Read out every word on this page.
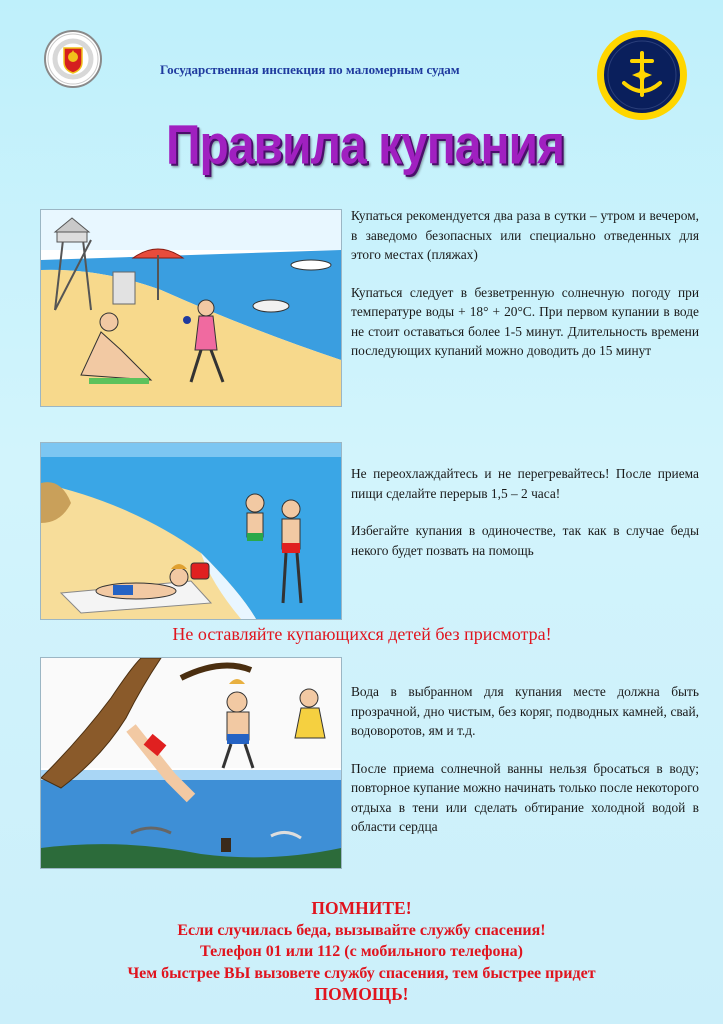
Государственная инспекция по маломерным судам
Правила купания

Купаться рекомендуется два раза в сутки – утром и вечером, в заведомо безопасных или специально отведенных для этого местах (пляжах)

Купаться следует в безветренную солнечную погоду при температуре воды + 18° + 20°С. При первом купании в воде не стоит оставаться более 1-5 минут. Длительность времени последующих купаний можно доводить до 15 минут

Не переохлаждайтесь и не перегревайтесь! После приема пищи сделайте перерыв 1,5 – 2 часа!

Избегайте купания в одиночестве, так как в случае беды некого будет позвать на помощь

Не оставляйте купающихся детей без присмотра!

Вода в выбранном для купания месте должна быть прозрачной, дно чистым, без коряг, подводных камней, свай, водоворотов, ям и т.д.

После приема солнечной ванны нельзя бросаться в воду; повторное купание можно начинать только после некоторого отдыха в тени или сделать обтирание холодной водой в области сердца

ПОМНИТЕ!
Если случилась беда, вызывайте службу спасения!
Телефон 01 или 112 (с мобильного телефона)
Чем быстрее ВЫ вызовете службу спасения, тем быстрее придет
ПОМОЩЬ!
